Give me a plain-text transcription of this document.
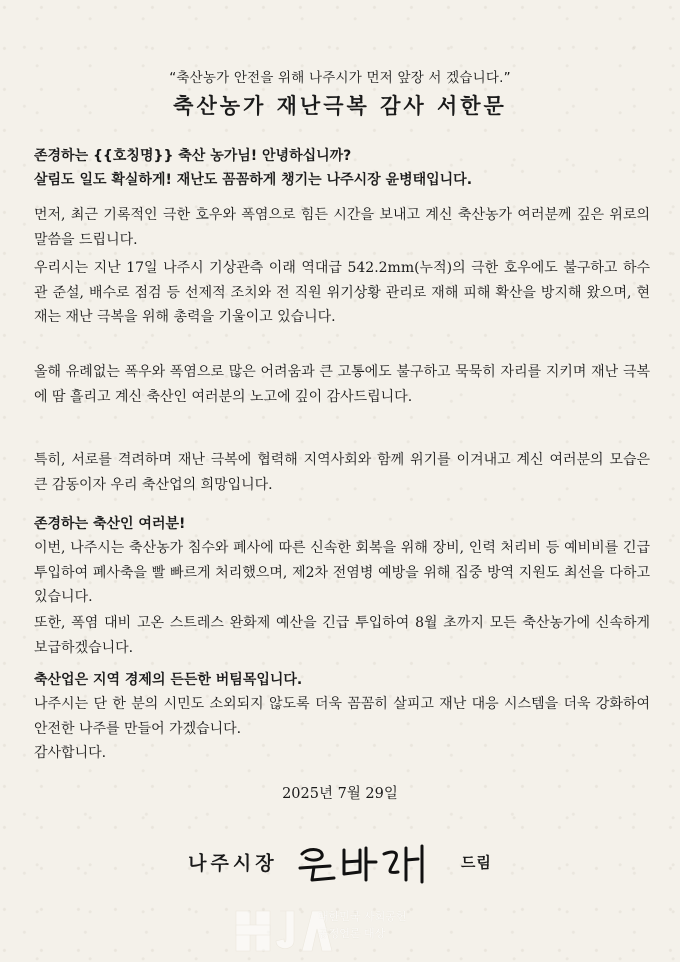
“축산농가 안전을 위해 나주시가 먼저 앞장 서 겠습니다.”
축산농가 재난극복 감사 서한문
존경하는 {{호칭명}} 축산 농가님! 안녕하십니까?
살림도 일도 확실하게! 재난도 꼼꼼하게 챙기는 나주시장 윤병태입니다.
먼저, 최근 기록적인 극한 호우와 폭염으로 힘든 시간을 보내고 계신 축산농가 여러분께 깊은 위로의 말씀을 드립니다.
우리시는 지난 17일 나주시 기상관측 이래 역대급 542.2mm(누적)의 극한 호우에도 불구하고 하수관 준설, 배수로 점검 등 선제적 조치와 전 직원 위기상황 관리로 재해 피해 확산을 방지해 왔으며, 현재는 재난 극복을 위해 총력을 기울이고 있습니다.
올해 유례없는 폭우와 폭염으로 많은 어려움과 큰 고통에도 불구하고 묵묵히 자리를 지키며 재난 극복에 땀 흘리고 계신 축산인 여러분의 노고에 깊이 감사드립니다.
특히, 서로를 격려하며 재난 극복에 협력해 지역사회와 함께 위기를 이겨내고 계신 여러분의 모습은 큰 감동이자 우리 축산업의 희망입니다.
존경하는 축산인 여러분!
이번, 나주시는 축산농가 침수와 폐사에 따른 신속한 회복을 위해 장비, 인력 처리비 등 예비비를 긴급 투입하여 폐사축을 빨 빠르게 처리했으며, 제2차 전염병 예방을 위해 집중 방역 지원도 최선을 다하고 있습니다.
또한, 폭염 대비 고온 스트레스 완화제 예산을 긴급 투입하여 8월 초까지 모든 축산농가에 신속하게 보급하겠습니다.
축산업은 지역 경제의 든든한 버팀목입니다.
나주시는 단 한 분의 시민도 소외되지 않도록 더욱 꼼꼼히 살피고 재난 대응 시스템을 더욱 강화하여 안전한 나주를 만들어 가겠습니다.
감사합니다.
2025년 7월 29일
나주시장	드림
대한민국 사회공헌
공정언론 대상
